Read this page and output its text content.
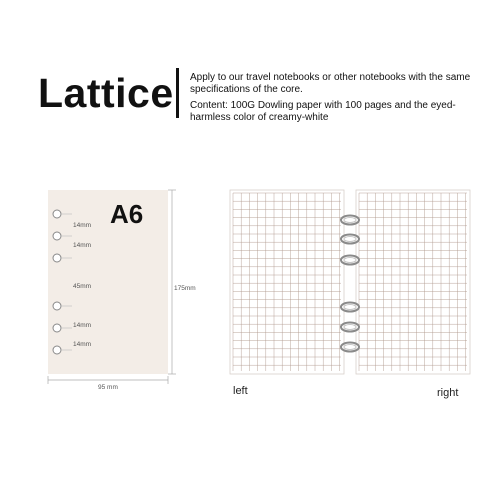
Lattice Apply to our travel notebooks or other notebooks with the same specifications of the core.
Content: 100G Dowling paper with 100 pages and the eyed-harmless color of creamy-white
A6
14mm
14mm
45mm
14mm
14mm
175mm
95 mm	left	right
